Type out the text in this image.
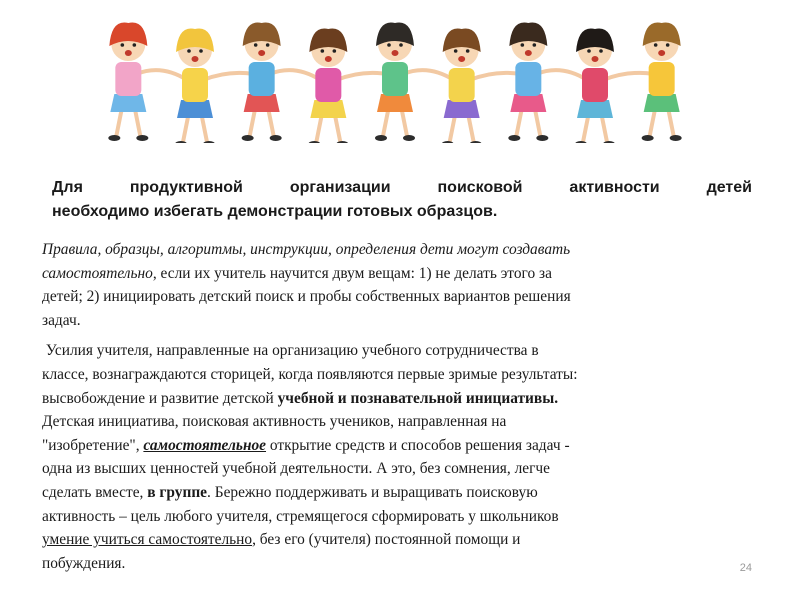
Для продуктивной организации поисковой активности детей
необходимо избегать демонстрации готовых образцов.

Правила, образцы, алгоритмы, инструкции, определения дети могут создавать
самостоятельно, если их учитель научится двум вещам: 1) не делать этого за
детей; 2) инициировать детский поиск и пробы собственных вариантов решения
задач.

Усилия учителя, направленные на организацию учебного сотрудничества в
классе, вознаграждаются сторицей, когда появляются первые зримые результаты:
высвобождение и развитие детской учебной и познавательной инициативы.
Детская инициатива, поисковая активность учеников, направленная на
"изобретение", самостоятельное открытие средств и способов решения задач -
одна из высших ценностей учебной деятельности. А это, без сомнения, легче
сделать вместе, в группе. Бережно поддерживать и выращивать поисковую
активность – цель любого учителя, стремящегося сформировать у школьников
умение учиться самостоятельно, без его (учителя) постоянной помощи и
побуждения.	24
